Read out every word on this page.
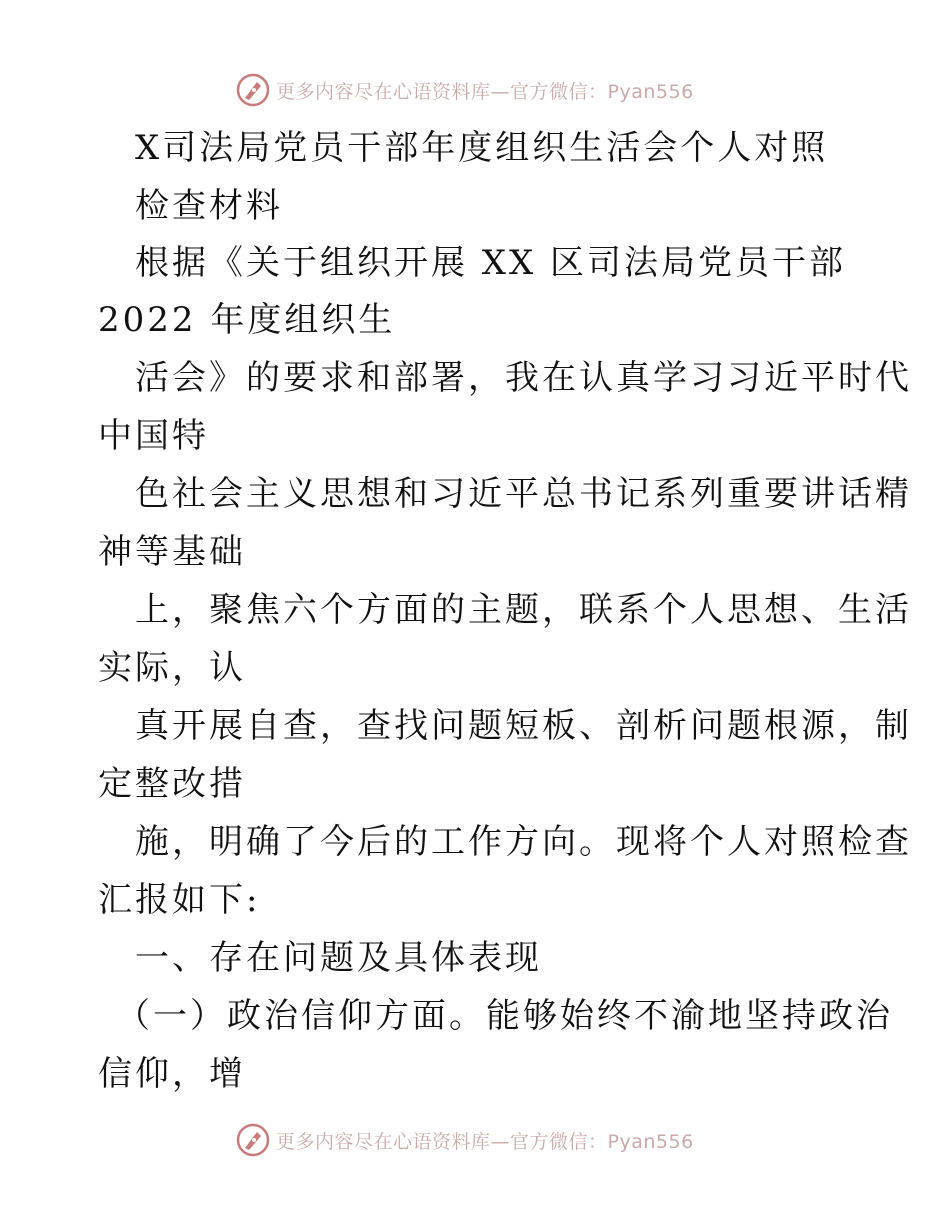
更多内容尽在心语资料库—官方微信：Pyan556
X司法局党员干部年度组织生活会个人对照
检查材料
根据《关于组织开展 XX 区司法局党员干部
2022 年度组织生
活会》的要求和部署，我在认真学习习近平时代
中国特
色社会主义思想和习近平总书记系列重要讲话精
神等基础
上，聚焦六个方面的主题，联系个人思想、生活
实际，认
真开展自查，查找问题短板、剖析问题根源，制
定整改措
施，明确了今后的工作方向。现将个人对照检查
汇报如下:
一、存在问题及具体表现
（一）政治信仰方面。能够始终不渝地坚持政治
信仰，增
更多内容尽在心语资料库—官方微信：Pyan556
